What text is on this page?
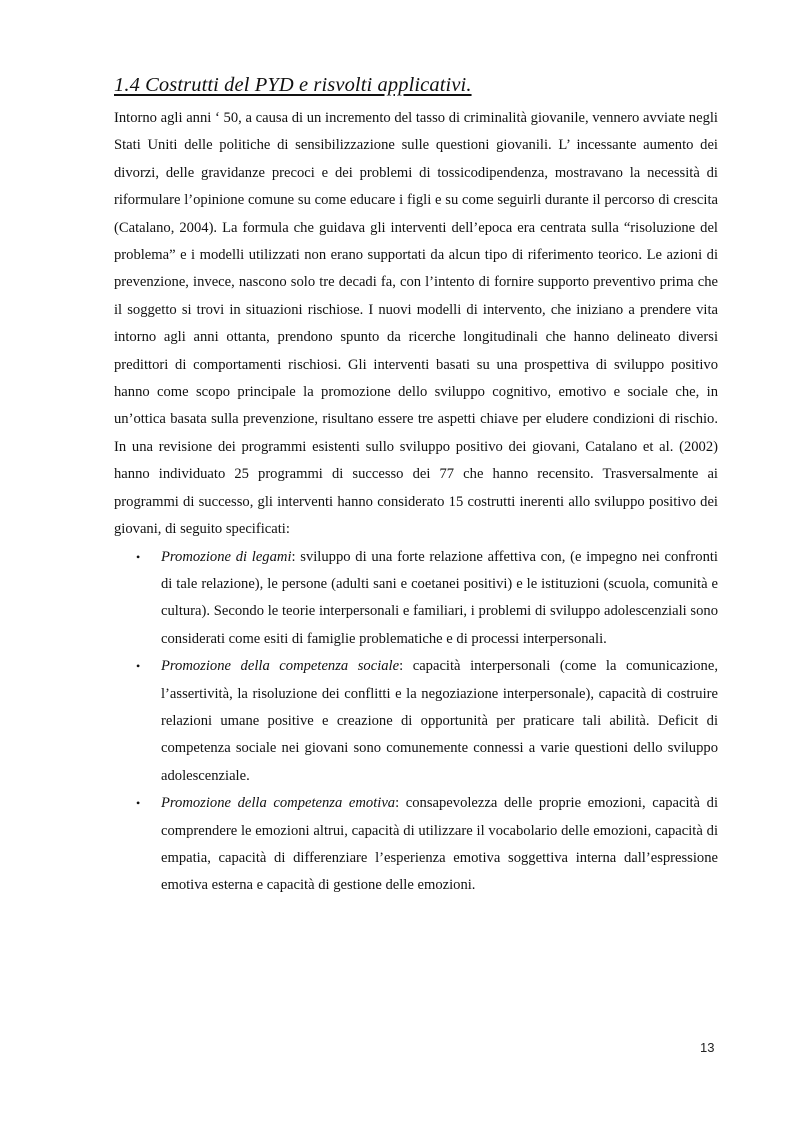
1.4 Costrutti del PYD e risvolti applicativi.

Intorno agli anni ‘ 50, a causa di un incremento del tasso di criminalità giovanile, vennero avviate negli Stati Uniti delle politiche di sensibilizzazione sulle questioni giovanili. L’ incessante aumento dei divorzi, delle gravidanze precoci e dei problemi di tossicodipendenza, mostravano la necessità di riformulare l’opinione comune su come educare i figli e su come seguirli durante il percorso di crescita (Catalano, 2004). La formula che guidava gli interventi dell’epoca era centrata sulla “risoluzione del problema” e i modelli utilizzati non erano supportati da alcun tipo di riferimento teorico. Le azioni di prevenzione, invece, nascono solo tre decadi fa, con l’intento di fornire supporto preventivo prima che il soggetto si trovi in situazioni rischiose. I nuovi modelli di intervento, che iniziano a prendere vita intorno agli anni ottanta, prendono spunto da ricerche longitudinali che hanno delineato diversi predittori di comportamenti rischiosi. Gli interventi basati su una prospettiva di sviluppo positivo hanno come scopo principale la promozione dello sviluppo cognitivo, emotivo e sociale che, in un’ottica basata sulla prevenzione, risultano essere tre aspetti chiave per eludere condizioni di rischio. In una revisione dei programmi esistenti sullo sviluppo positivo dei giovani, Catalano et al. (2002) hanno individuato 25 programmi di successo dei 77 che hanno recensito. Trasversalmente ai programmi di successo, gli interventi hanno considerato 15 costrutti inerenti allo sviluppo positivo dei giovani, di seguito specificati:

• Promozione di legami: sviluppo di una forte relazione affettiva con, (e impegno nei confronti di tale relazione), le persone (adulti sani e coetanei positivi) e le istituzioni (scuola, comunità e cultura). Secondo le teorie interpersonali e familiari, i problemi di sviluppo adolescenziali sono considerati come esiti di famiglie problematiche e di processi interpersonali.
• Promozione della competenza sociale: capacità interpersonali (come la comunicazione, l’assertività, la risoluzione dei conflitti e la negoziazione interpersonale), capacità di costruire relazioni umane positive e creazione di opportunità per praticare tali abilità. Deficit di competenza sociale nei giovani sono comunemente connessi a varie questioni dello sviluppo adolescenziale.
• Promozione della competenza emotiva: consapevolezza delle proprie emozioni, capacità di comprendere le emozioni altrui, capacità di utilizzare il vocabolario delle emozioni, capacità di empatia, capacità di differenziare l’esperienza emotiva soggettiva interna dall’espressione emotiva esterna e capacità di gestione delle emozioni.
13
